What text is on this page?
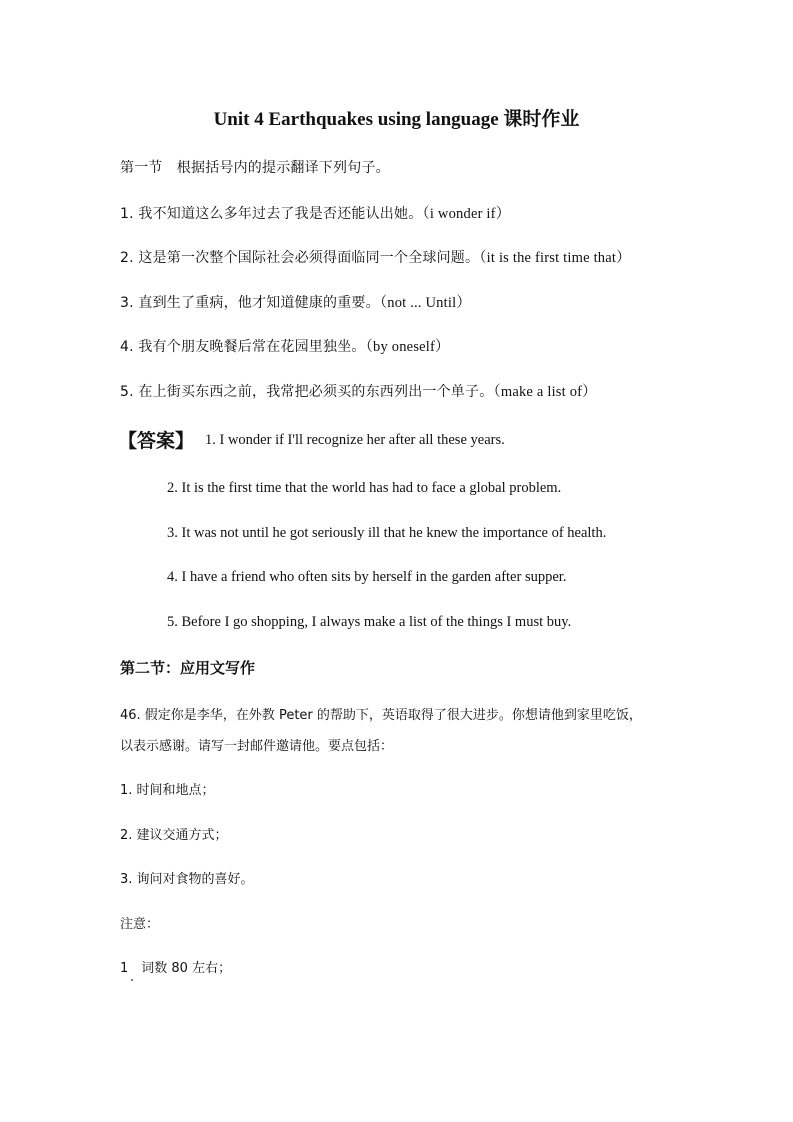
Unit 4 Earthquakes using language 课时作业
第一节　根据括号内的提示翻译下列句子。
1. 我不知道这么多年过去了我是否还能认出她。（i wonder if）
2. 这是第一次整个国际社会必须得面临同一个全球问题。（it is the first time that）
3. 直到生了重病，他才知道健康的重要。（not ... Until）
4. 我有个朋友晚餐后常在花园里独坐。（by oneself）
5. 在上街买东西之前，我常把必须买的东西列出一个单子。（make a list of）
【答案】 1. I wonder if I'll recognize her after all these years.
2. It is the first time that the world has had to face a global problem.
3. It was not until he got seriously ill that he knew the importance of health.
4. I have a friend who often sits by herself in the garden after supper.
5. Before I go shopping, I always make a list of the things I must buy.
第二节：应用文写作
46. 假定你是李华，在外教 Peter 的帮助下，英语取得了很大进步。你想请他到家里吃饭，
以表示感谢。请写一封邮件邀请他。要点包括：
1. 时间和地点；
2. 建议交通方式；
3. 询问对食物的喜好。
注意：
1　词数 80 左右；
